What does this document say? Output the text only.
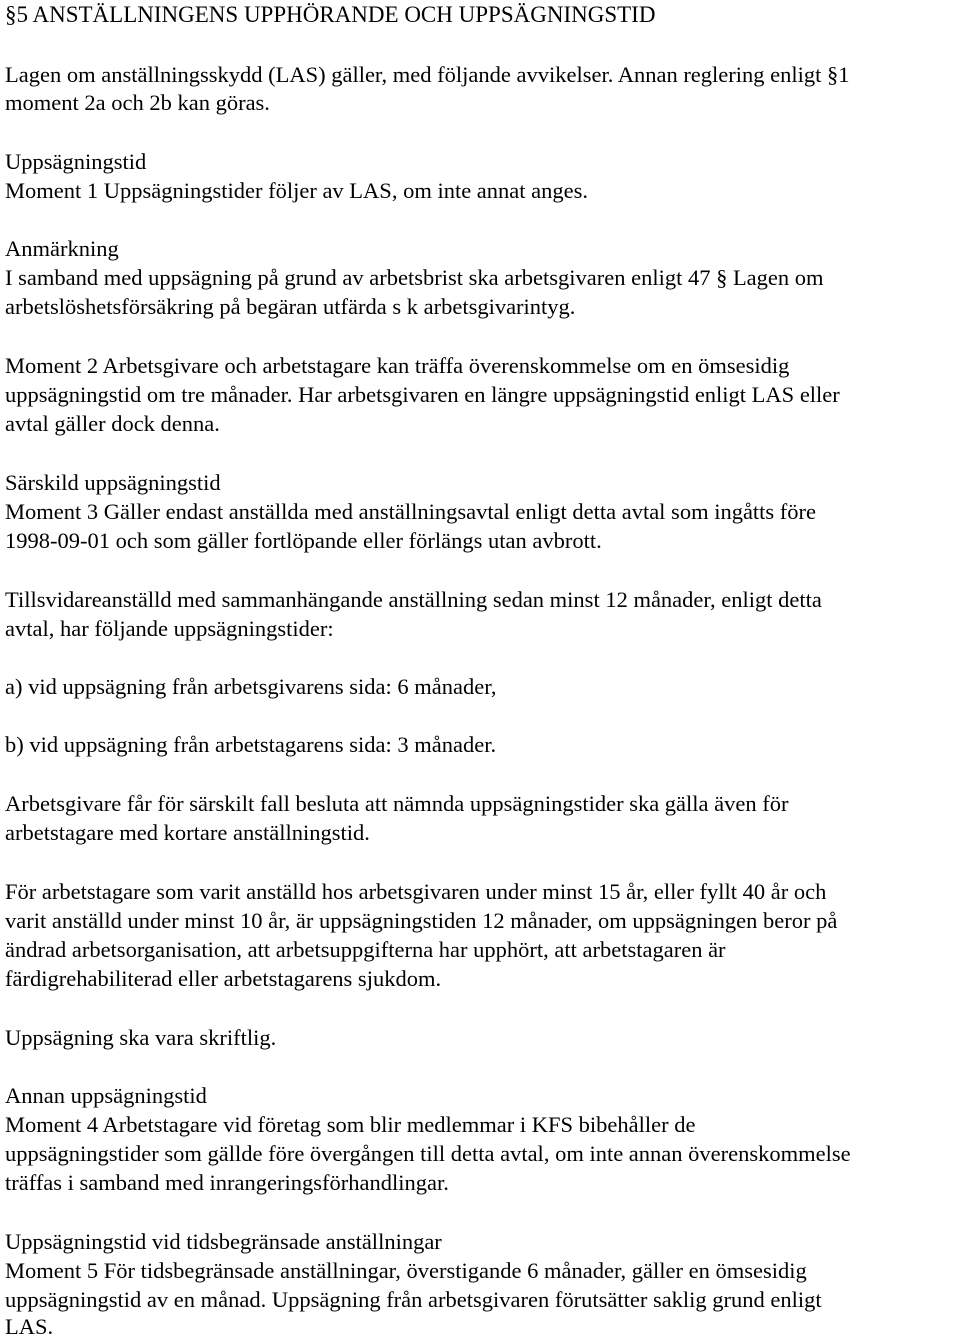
§5 ANSTÄLLNINGENS UPPHÖRANDE OCH UPPSÄGNINGSTID
Lagen om anställningsskydd (LAS) gäller, med följande avvikelser. Annan reglering enligt §1
moment 2a och 2b kan göras.
Uppsägningstid
Moment 1 Uppsägningstider följer av LAS, om inte annat anges.
Anmärkning
I samband med uppsägning på grund av arbetsbrist ska arbetsgivaren enligt 47 § Lagen om
arbetslöshetsförsäkring på begäran utfärda s k arbetsgivarintyg.
Moment 2 Arbetsgivare och arbetstagare kan träffa överenskommelse om en ömsesidig
uppsägningstid om tre månader. Har arbetsgivaren en längre uppsägningstid enligt LAS eller
avtal gäller dock denna.
Särskild uppsägningstid
Moment 3 Gäller endast anställda med anställningsavtal enligt detta avtal som ingåtts före
1998-09-01 och som gäller fortlöpande eller förlängs utan avbrott.
Tillsvidareanställd med sammanhängande anställning sedan minst 12 månader, enligt detta
avtal, har följande uppsägningstider:
a) vid uppsägning från arbetsgivarens sida: 6 månader,
b) vid uppsägning från arbetstagarens sida: 3 månader.
Arbetsgivare får för särskilt fall besluta att nämnda uppsägningstider ska gälla även för
arbetstagare med kortare anställningstid.
För arbetstagare som varit anställd hos arbetsgivaren under minst 15 år, eller fyllt 40 år och
varit anställd under minst 10 år, är uppsägningstiden 12 månader, om uppsägningen beror på
ändrad arbetsorganisation, att arbetsuppgifterna har upphört, att arbetstagaren är
färdigrehabiliterad eller arbetstagarens sjukdom.
Uppsägning ska vara skriftlig.
Annan uppsägningstid
Moment 4 Arbetstagare vid företag som blir medlemmar i KFS bibehåller de
uppsägningstider som gällde före övergången till detta avtal, om inte annan överenskommelse
träffas i samband med inrangeringsförhandlingar.
Uppsägningstid vid tidsbegränsade anställningar
Moment 5 För tidsbegränsade anställningar, överstigande 6 månader, gäller en ömsesidig
uppsägningstid av en månad. Uppsägning från arbetsgivaren förutsätter saklig grund enligt
LAS.
